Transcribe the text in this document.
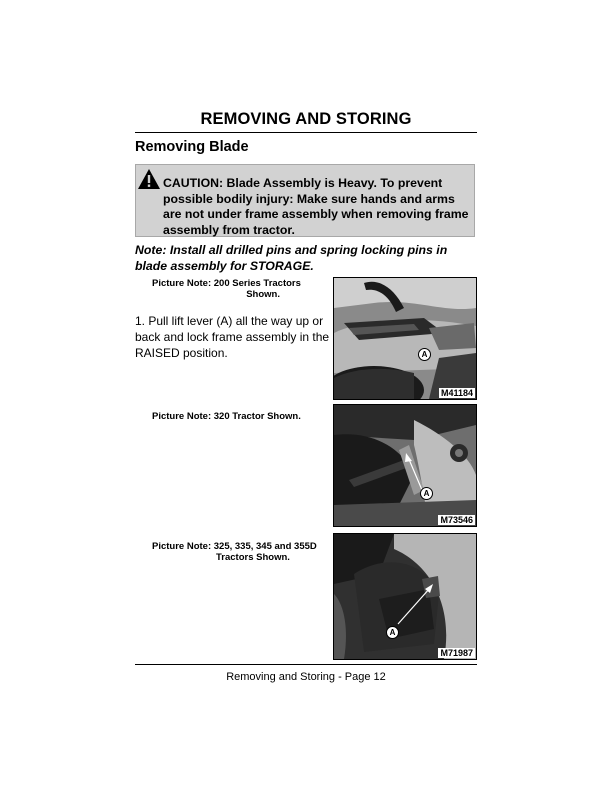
REMOVING AND STORING
Removing Blade
CAUTION: Blade Assembly is Heavy. To prevent possible bodily injury: Make sure hands and arms are not under frame assembly when removing frame assembly from tractor.
Note: Install all drilled pins and spring locking pins in blade assembly for STORAGE.
Picture Note: 200 Series Tractors
Shown.
1. Pull lift lever (A) all the way up or back and lock frame assembly in the RAISED position.
Picture Note: 320 Tractor Shown.
Picture Note: 325, 335, 345 and 355D
Tractors Shown.
A
M41184
A
M73546
A
M71987
Removing and Storing - Page 12
